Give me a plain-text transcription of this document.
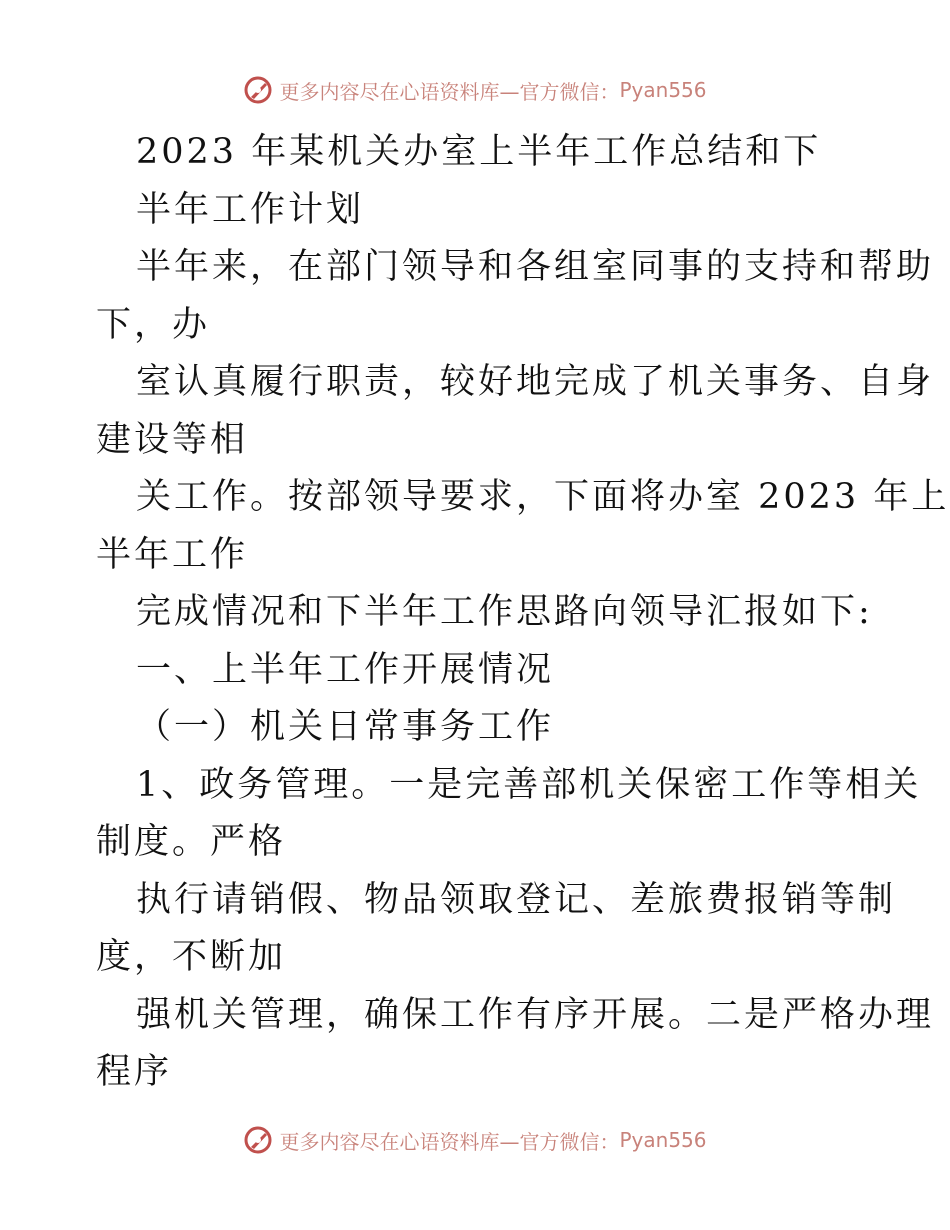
更多内容尽在心语资料库—官方微信： Pyan556
2023 年某机关办室上半年工作总结和下
半年工作计划
半年来，在部门领导和各组室同事的支持和帮助
下，办
室认真履行职责，较好地完成了机关事务、自身
建设等相
关工作。按部领导要求，下面将办室 2023 年上
半年工作
完成情况和下半年工作思路向领导汇报如下:
一、上半年工作开展情况
（一）机关日常事务工作
1、政务管理。一是完善部机关保密工作等相关
制度。严格
执行请销假、物品领取登记、差旅费报销等制
度，不断加
强机关管理，确保工作有序开展。二是严格办理
程序
更多内容尽在心语资料库—官方微信： Pyan556
